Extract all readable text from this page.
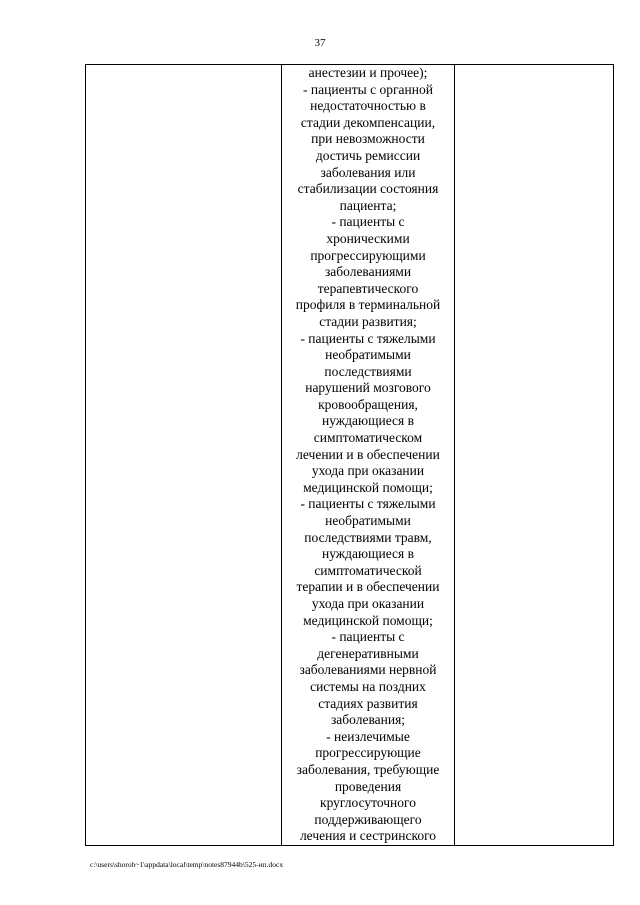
37

анестезии и прочее);
- пациенты с органной
недостаточностью в
стадии декомпенсации,
при невозможности
достичь ремиссии
заболевания или
стабилизации состояния
пациента;
- пациенты с
хроническими
прогрессирующими
заболеваниями
терапевтического
профиля в терминальной
стадии развития;
- пациенты с тяжелыми
необратимыми
последствиями
нарушений мозгового
кровообращения,
нуждающиеся в
симптоматическом
лечении и в обеспечении
ухода при оказании
медицинской помощи;
- пациенты с тяжелыми
необратимыми
последствиями травм,
нуждающиеся в
симптоматической
терапии и в обеспечении
ухода при оказании
медицинской помощи;
- пациенты с
дегенеративными
заболеваниями нервной
системы на поздних
стадиях развития
заболевания;
- неизлечимые
прогрессирующие
заболевания, требующие
проведения
круглосуточного
поддерживающего
лечения и сестринского

c:\users\shoroh~1\appdata\local\temp\notes87944b\525-ип.docx
